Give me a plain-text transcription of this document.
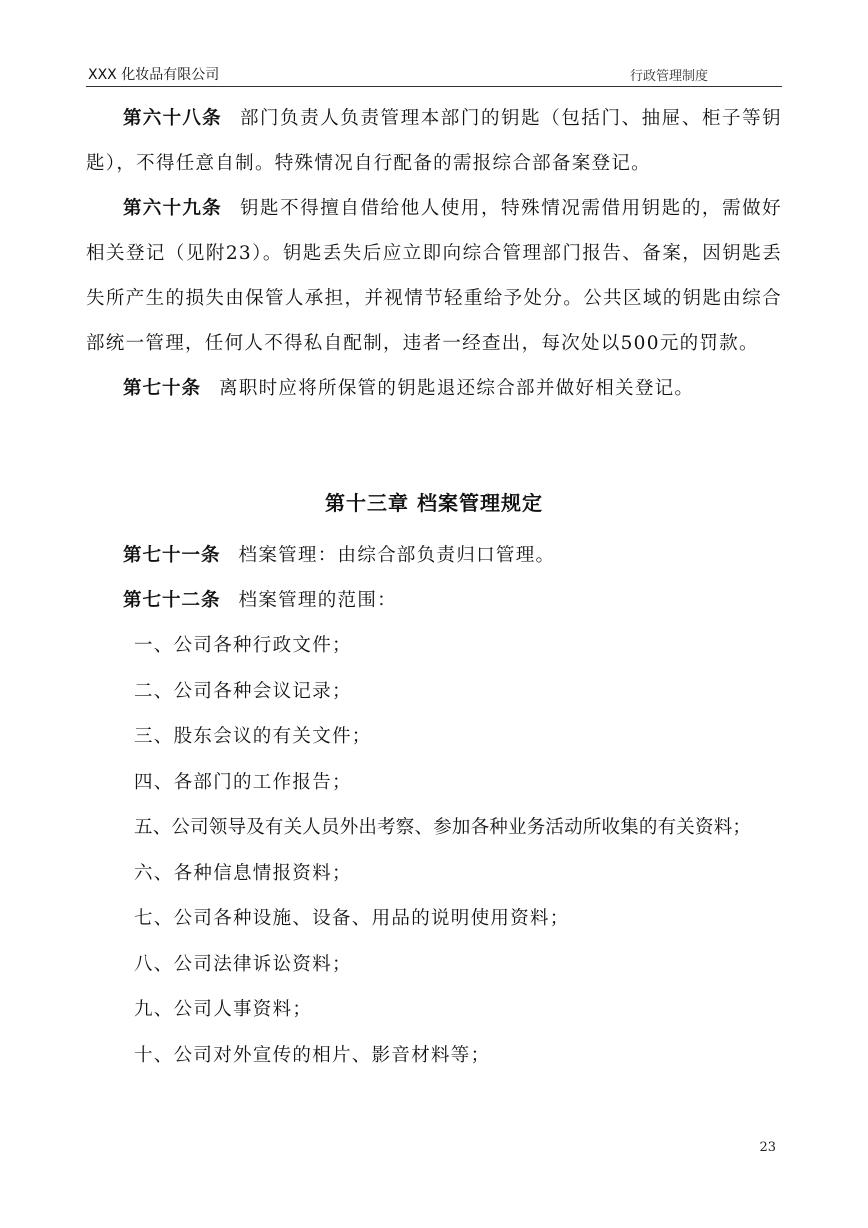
XXX 化妆品有限公司	行政管理制度

第六十八条 部门负责人负责管理本部门的钥匙（包括门、抽屉、柜子等钥匙），不得任意自制。特殊情况自行配备的需报综合部备案登记。

第六十九条 钥匙不得擅自借给他人使用，特殊情况需借用钥匙的，需做好相关登记（见附23）。钥匙丢失后应立即向综合管理部门报告、备案，因钥匙丢失所产生的损失由保管人承担，并视情节轻重给予处分。公共区域的钥匙由综合部统一管理，任何人不得私自配制，违者一经查出，每次处以500元的罚款。

第七十条 离职时应将所保管的钥匙退还综合部并做好相关登记。

第十三章 档案管理规定

第七十一条 档案管理：由综合部负责归口管理。

第七十二条 档案管理的范围：

一、公司各种行政文件；

二、公司各种会议记录；

三、股东会议的有关文件；

四、各部门的工作报告；

五、公司领导及有关人员外出考察、参加各种业务活动所收集的有关资料；

六、各种信息情报资料；

七、公司各种设施、设备、用品的说明使用资料；

八、公司法律诉讼资料；

九、公司人事资料；

十、公司对外宣传的相片、影音材料等；

23
